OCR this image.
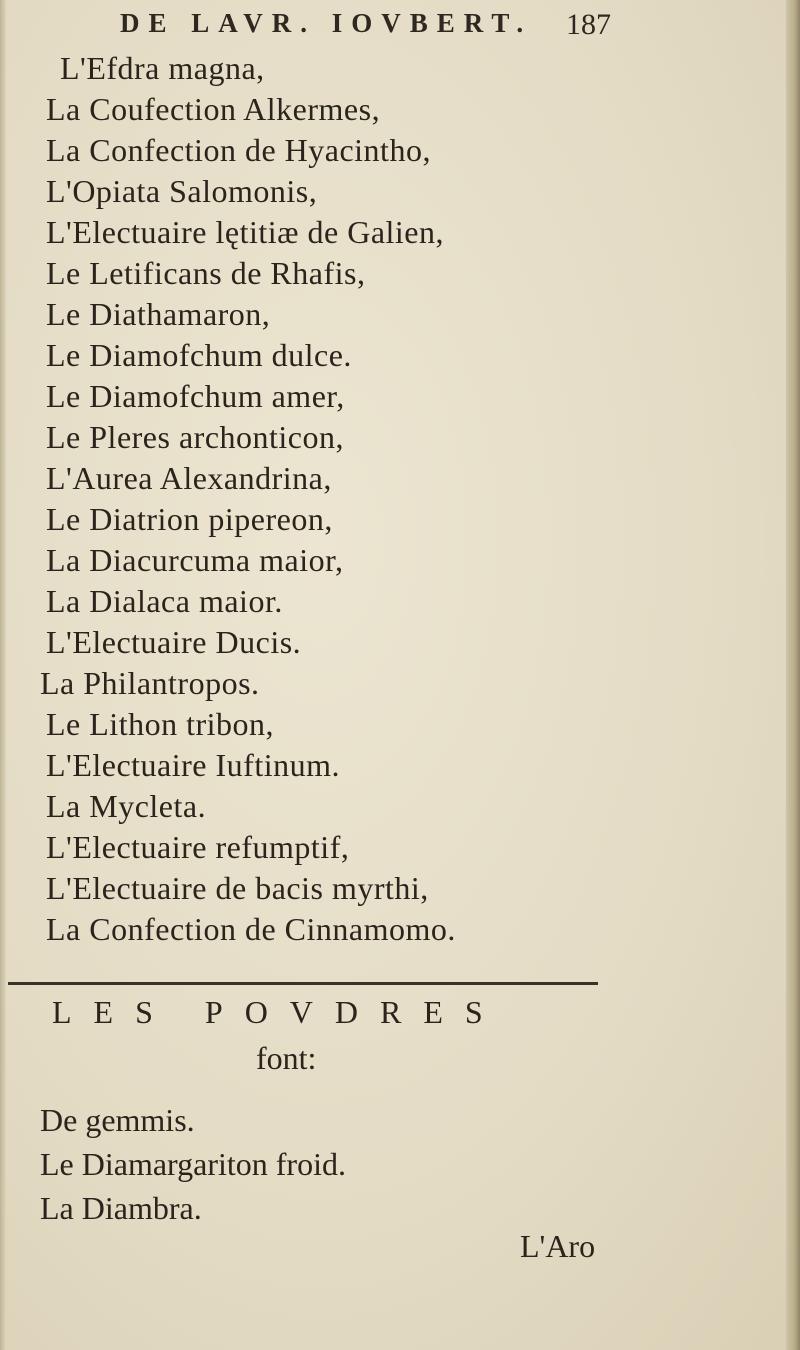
DE LAVR. IOVBERT. 187
L'Efdra magna,
La Coufection Alkermes,
La Confection de Hyacintho,
L'Opiata Salomonis,
L'Electuaire lętitiæ de Galien,
Le Letificans de Rhafis,
Le Diathamaron,
Le Diamofchum dulce.
Le Diamofchum amer,
Le Pleres archonticon,
L'Aurea Alexandrina,
Le Diatrion pipereon,
La Diacurcuma maior,
La Dialaca maior.
L'Electuaire Ducis.
La Philantropos.
Le Lithon tribon,
L'Electuaire Iuftinum.
La Mycleta.
L'Electuaire refumptif,
L'Electuaire de bacis myrthi,
La Confection de Cinnamomo.
LES POVDRES
font:
De gemmis.
Le Diamargariton froid.
La Diambra.
L'Aro
